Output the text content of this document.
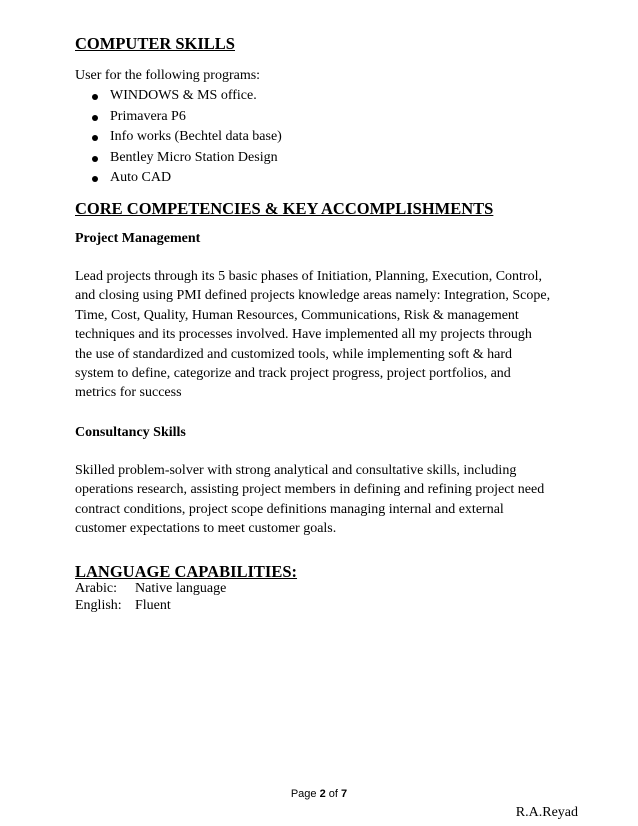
COMPUTER SKILLS
User for the following programs:
WINDOWS & MS office.
Primavera P6
Info works (Bechtel data base)
Bentley Micro Station Design
Auto CAD
CORE COMPETENCIES & KEY ACCOMPLISHMENTS
Project Management
Lead projects through its 5 basic phases of Initiation, Planning, Execution, Control,
and closing using PMI defined projects knowledge areas namely: Integration, Scope,
Time, Cost, Quality, Human Resources, Communications, Risk & management
techniques and its processes involved. Have implemented all my projects through
the use of standardized and customized tools, while implementing soft & hard
system to define, categorize and track project progress, project portfolios, and
metrics for success
Consultancy Skills
Skilled problem-solver with strong analytical and consultative skills, including
operations research, assisting project members in defining and refining project need
contract conditions, project scope definitions managing internal and external
customer expectations to meet customer goals.
LANGUAGE CAPABILITIES:
Arabic: Native language
English: Fluent
Page 2 of 7
R.A.Reyad
